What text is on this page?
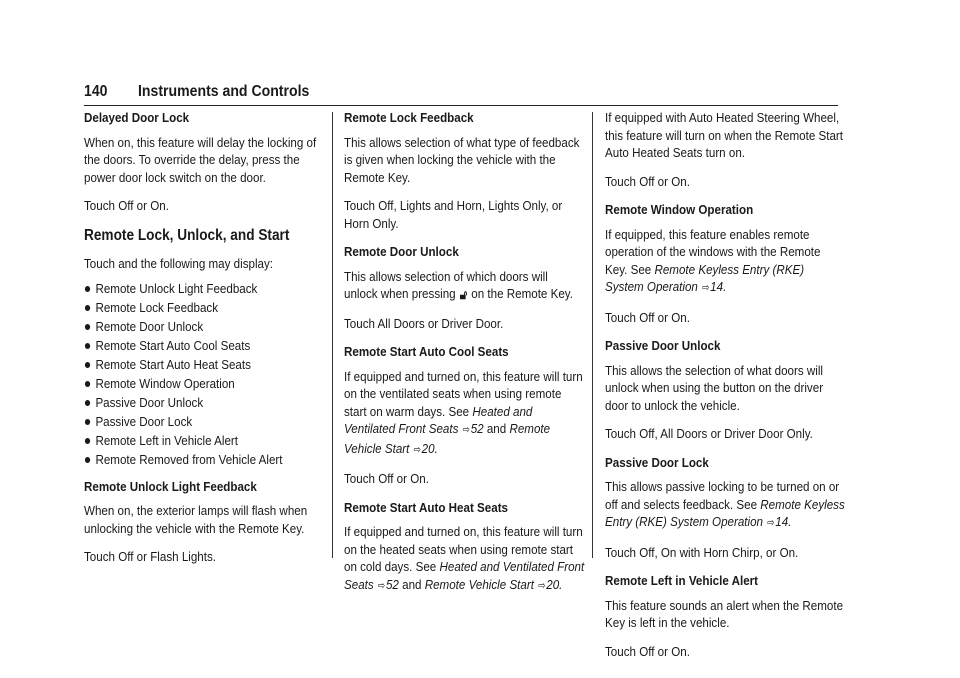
140 Instruments and Controls
Delayed Door Lock
When on, this feature will delay the locking of the doors. To override the delay, press the power door lock switch on the door.
Touch Off or On.
Remote Lock, Unlock, and Start
Touch and the following may display:
Remote Unlock Light Feedback
Remote Lock Feedback
Remote Door Unlock
Remote Start Auto Cool Seats
Remote Start Auto Heat Seats
Remote Window Operation
Passive Door Unlock
Passive Door Lock
Remote Left in Vehicle Alert
Remote Removed from Vehicle Alert
Remote Unlock Light Feedback
When on, the exterior lamps will flash when unlocking the vehicle with the Remote Key.
Touch Off or Flash Lights.
Remote Lock Feedback
This allows selection of what type of feedback is given when locking the vehicle with the Remote Key.
Touch Off, Lights and Horn, Lights Only, or Horn Only.
Remote Door Unlock
This allows selection of which doors will unlock when pressing 🔓︎ on the Remote Key.
Touch All Doors or Driver Door.
Remote Start Auto Cool Seats
If equipped and turned on, this feature will turn on the ventilated seats when using remote start on warm days. See Heated and Ventilated Front Seats ⇨52 and Remote Vehicle Start ⇨20.
Touch Off or On.
Remote Start Auto Heat Seats
If equipped and turned on, this feature will turn on the heated seats when using remote start on cold days. See Heated and Ventilated Front Seats ⇨52 and Remote Vehicle Start ⇨20.
If equipped with Auto Heated Steering Wheel, this feature will turn on when the Remote Start Auto Heated Seats turn on.
Touch Off or On.
Remote Window Operation
If equipped, this feature enables remote operation of the windows with the Remote Key. See Remote Keyless Entry (RKE) System Operation ⇨14.
Touch Off or On.
Passive Door Unlock
This allows the selection of what doors will unlock when using the button on the driver door to unlock the vehicle.
Touch Off, All Doors or Driver Door Only.
Passive Door Lock
This allows passive locking to be turned on or off and selects feedback. See Remote Keyless Entry (RKE) System Operation ⇨14.
Touch Off, On with Horn Chirp, or On.
Remote Left in Vehicle Alert
This feature sounds an alert when the Remote Key is left in the vehicle.
Touch Off or On.
